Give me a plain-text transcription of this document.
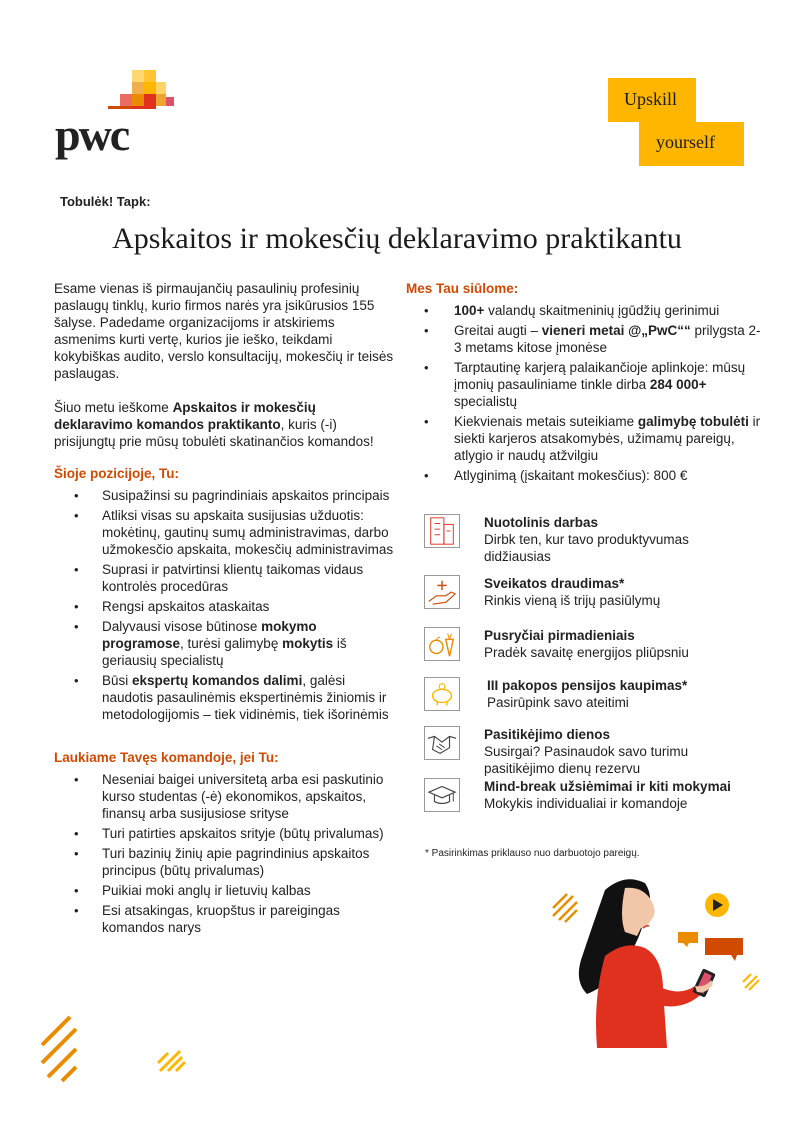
pwc
Upskill
yourself
Tobulėk! Tapk:
Apskaitos ir mokesčių deklaravimo praktikantu

Esame vienas iš pirmaujančių pasaulinių profesinių paslaugų tinklų, kurio firmos narės yra įsikūrusios 155 šalyse. Padedame organizacijoms ir atskiriems asmenims kurti vertę, kurios jie ieško, teikdami kokybiškas audito, verslo konsultacijų, mokesčių ir teisės paslaugas.

Šiuo metu ieškome Apskaitos ir mokesčių deklaravimo komandos praktikanto, kuris (-i) prisijungtų prie mūsų tobulėti skatinančios komandos!

Šioje pozicijoje, Tu:
• Susipažinsi su pagrindiniais apskaitos principais
• Atliksi visas su apskaita susijusias užduotis: mokėtinų, gautinų sumų administravimas, darbo užmokesčio apskaita, mokesčių administravimas
• Suprasi ir patvirtinsi klientų taikomas vidaus kontrolės procedūras
• Rengsi apskaitos ataskaitas
• Dalyvausi visose būtinose mokymo programose, turėsi galimybę mokytis iš geriausių specialistų
• Būsi ekspertų komandos dalimi, galėsi naudotis pasaulinėmis ekspertinėmis žiniomis ir metodologijomis – tiek vidinėmis, tiek išorinėmis
Laukiame Tavęs komandoje, jei Tu:
• Neseniai baigei universitetą arba esi paskutinio kurso studentas (-ė) ekonomikos, apskaitos, finansų arba susijusiose srityse
• Turi patirties apskaitos srityje (būtų privalumas)
• Turi bazinių žinių apie pagrindinius apskaitos principus (būtų privalumas)
• Puikiai moki anglų ir lietuvių kalbas
• Esi atsakingas, kruopštus ir pareigingas komandos narys
Mes Tau siūlome:
• 100+ valandų skaitmeninių įgūdžių gerinimui
• Greitai augti – vieneri metai @„PwC““ prilygsta 2-3 metams kitose įmonėse
• Tarptautinę karjerą palaikančioje aplinkoje: mūsų įmonių pasauliniame tinkle dirba 284 000+ specialistų
• Kiekvienais metais suteikiame galimybę tobulėti ir siekti karjeros atsakomybės, užimamų pareigų, atlygio ir naudų atžvilgiu
• Atlyginimą (įskaitant mokesčius): 800 €
Nuotolinis darbas
Dirbk ten, kur tavo produktyvumas didžiausias
Sveikatos draudimas*
Rinkis vieną iš trijų pasiūlymų
Pusryčiai pirmadieniais
Pradėk savaitę energijos pliūpsniu
III pakopos pensijos kaupimas*
Pasirūpink savo ateitimi
Pasitikėjimo dienos
Susirgai? Pasinaudok savo turimu pasitikėjimo dienų rezervu
Mind-break užsiėmimai ir kiti mokymai
Mokykis individualiai ir komandoje
* Pasirinkimas priklauso nuo darbuotojo pareigų.
